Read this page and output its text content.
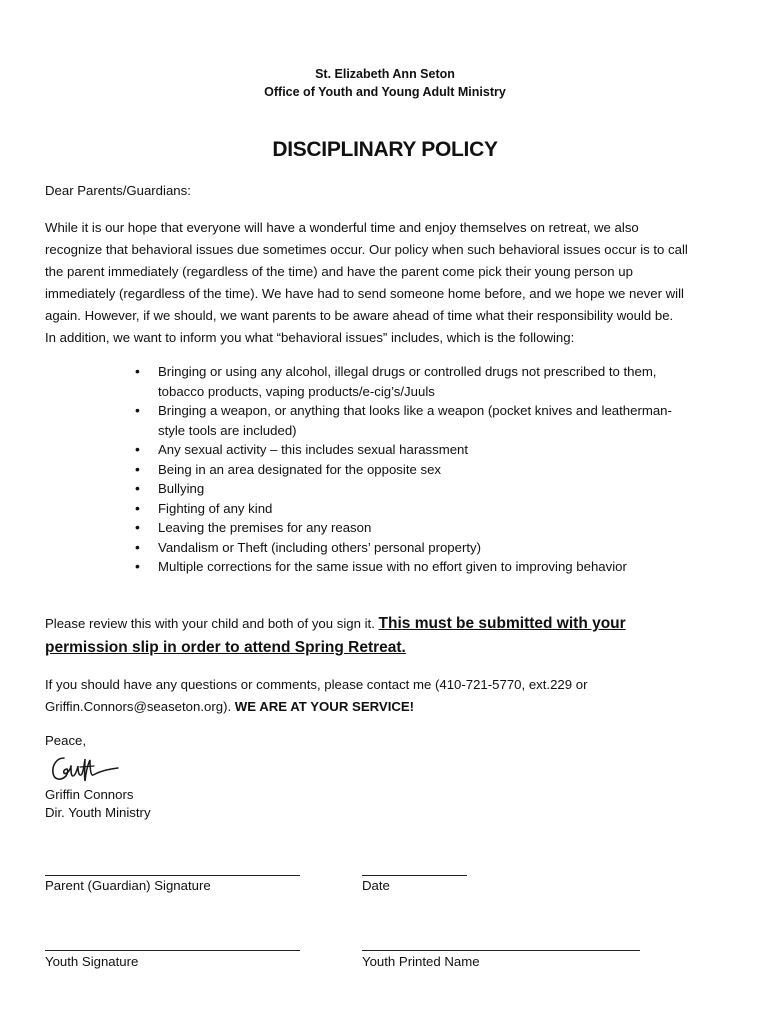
St. Elizabeth Ann Seton
Office of Youth and Young Adult Ministry
DISCIPLINARY POLICY
Dear Parents/Guardians:
While it is our hope that everyone will have a wonderful time and enjoy themselves on retreat, we also
recognize that behavioral issues due sometimes occur. Our policy when such behavioral issues occur is to call
the parent immediately (regardless of the time) and have the parent come pick their young person up
immediately (regardless of the time). We have had to send someone home before, and we hope we never will
again. However, if we should, we want parents to be aware ahead of time what their responsibility would be.
In addition, we want to inform you what “behavioral issues” includes, which is the following:
• Bringing or using any alcohol, illegal drugs or controlled drugs not prescribed to them,
tobacco products, vaping products/e-cig’s/Juuls
• Bringing a weapon, or anything that looks like a weapon (pocket knives and leatherman-
style tools are included)
• Any sexual activity – this includes sexual harassment
• Being in an area designated for the opposite sex
• Bullying
• Fighting of any kind
• Leaving the premises for any reason
• Vandalism or Theft (including others’ personal property)
• Multiple corrections for the same issue with no effort given to improving behavior
Please review this with your child and both of you sign it. This must be submitted with your
permission slip in order to attend Spring Retreat.
If you should have any questions or comments, please contact me (410-721-5770, ext.229 or
Griffin.Connors@seaseton.org). WE ARE AT YOUR SERVICE!
Peace,
Griffin Connors
Dir. Youth Ministry
Parent (Guardian) Signature	Date
Youth Signature	Youth Printed Name
